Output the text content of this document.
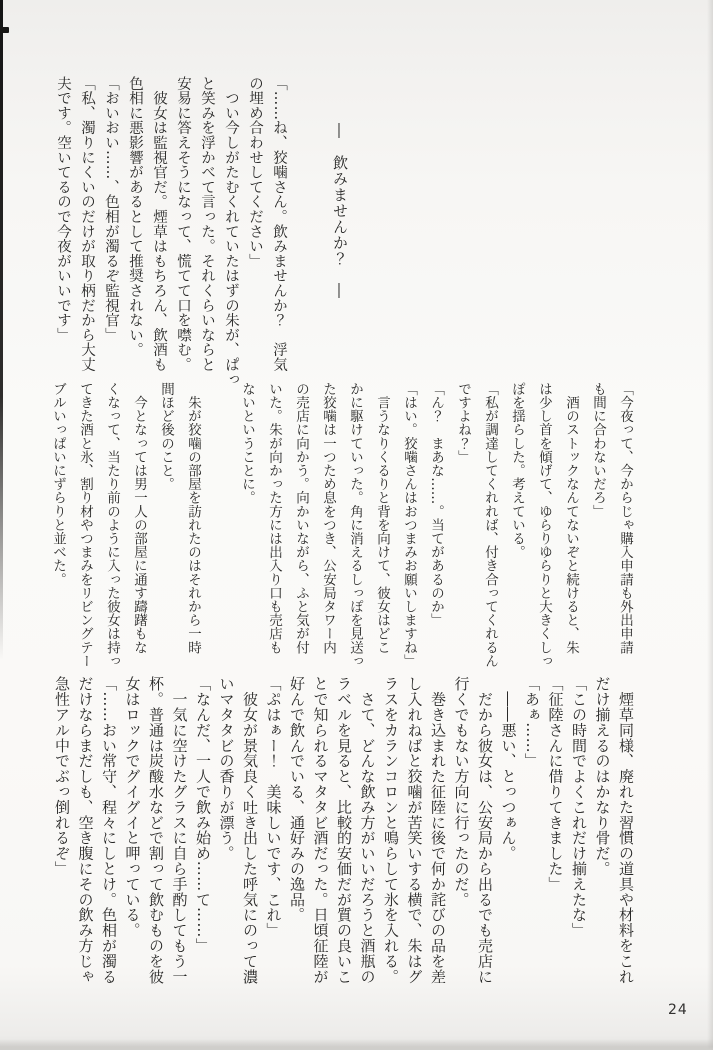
―　飲みませんか？　―

「……ね、狡噛さん。飲みませんか？　浮気

の埋め合わせしてください」

　つい今しがたむくれていたはずの朱が、ぱっ

と笑みを浮かべて言った。それくらいならと

安易に答えそうになって、慌てて口を噤む。

　彼女は監視官だ。煙草はもちろん、飲酒も

色相に悪影響があるとして推奨されない。

「おいおい……、色相が濁るぞ監視官」

「私、濁りにくいのだけが取り柄だから大丈

夫です。空いてるので今夜がいいです」

「今夜って、今からじゃ購入申請も外出申請

も間に合わないだろ」

　酒のストックなんてないぞと続けると、朱

は少し首を傾げて、ゆらりゆらりと大きくしっ

ぽを揺らした。考えている。

「私が調達してくれれば、付き合ってくれるん

ですよね？」

「ん？　まあな……。当てがあるのか」

「はい。狡噛さんはおつまみお願いしますね」

　言うなりくるりと背を向けて、彼女はどこ

かに駆けていった。角に消えるしっぽを見送っ

た狡噛は一つため息をつき、公安局タワー内

の売店に向かう。向かいながら、ふと気が付

いた。朱が向かった方には出入り口も売店も

ないということに。

　朱が狡噛の部屋を訪れたのはそれから一時

間ほど後のこと。

　今となっては男一人の部屋に通す躊躇もな

くなって、当たり前のように入った彼女は持っ

てきた酒と氷、割り材やつまみをリビングテー

ブルいっぱいにずらりと並べた。

　煙草同様、廃れた習慣の道具や材料をこれ

だけ揃えるのはかなり骨だ。

「この時間でよくこれだけ揃えたな」

「征陸さんに借りてきました」

「あぁ……」

　――悪い、とっつぁん。

　だから彼女は、公安局から出るでも売店に

行くでもない方向に行ったのだ。

　巻き込まれた征陸に後で何か詫びの品を差

し入れねばと狡噛が苦笑いする横で、朱はグ

ラスをカランコロンと鳴らして氷を入れる。

　さて、どんな飲み方がいいだろうと酒瓶の

ラベルを見ると、比較的安価だが質の良いこ

とで知られるマタタビ酒だった。日頃征陸が

好んで飲んでいる、通好みの逸品。

「ぷはぁー！　美味しいです、これ」

　彼女が景気良く吐き出した呼気にのって濃

いマタタビの香りが漂う。

「なんだ、一人で飲み始め……て……」

　一気に空けたグラスに自ら手酌してもう一

杯。普通は炭酸水などで割って飲むものを彼

女はロックでグイグイと呷っている。

「……おい常守、程々にしとけ。色相が濁る

だけならまだしも、空き腹にその飲み方じゃ

急性アル中でぶっ倒れるぞ」

24
